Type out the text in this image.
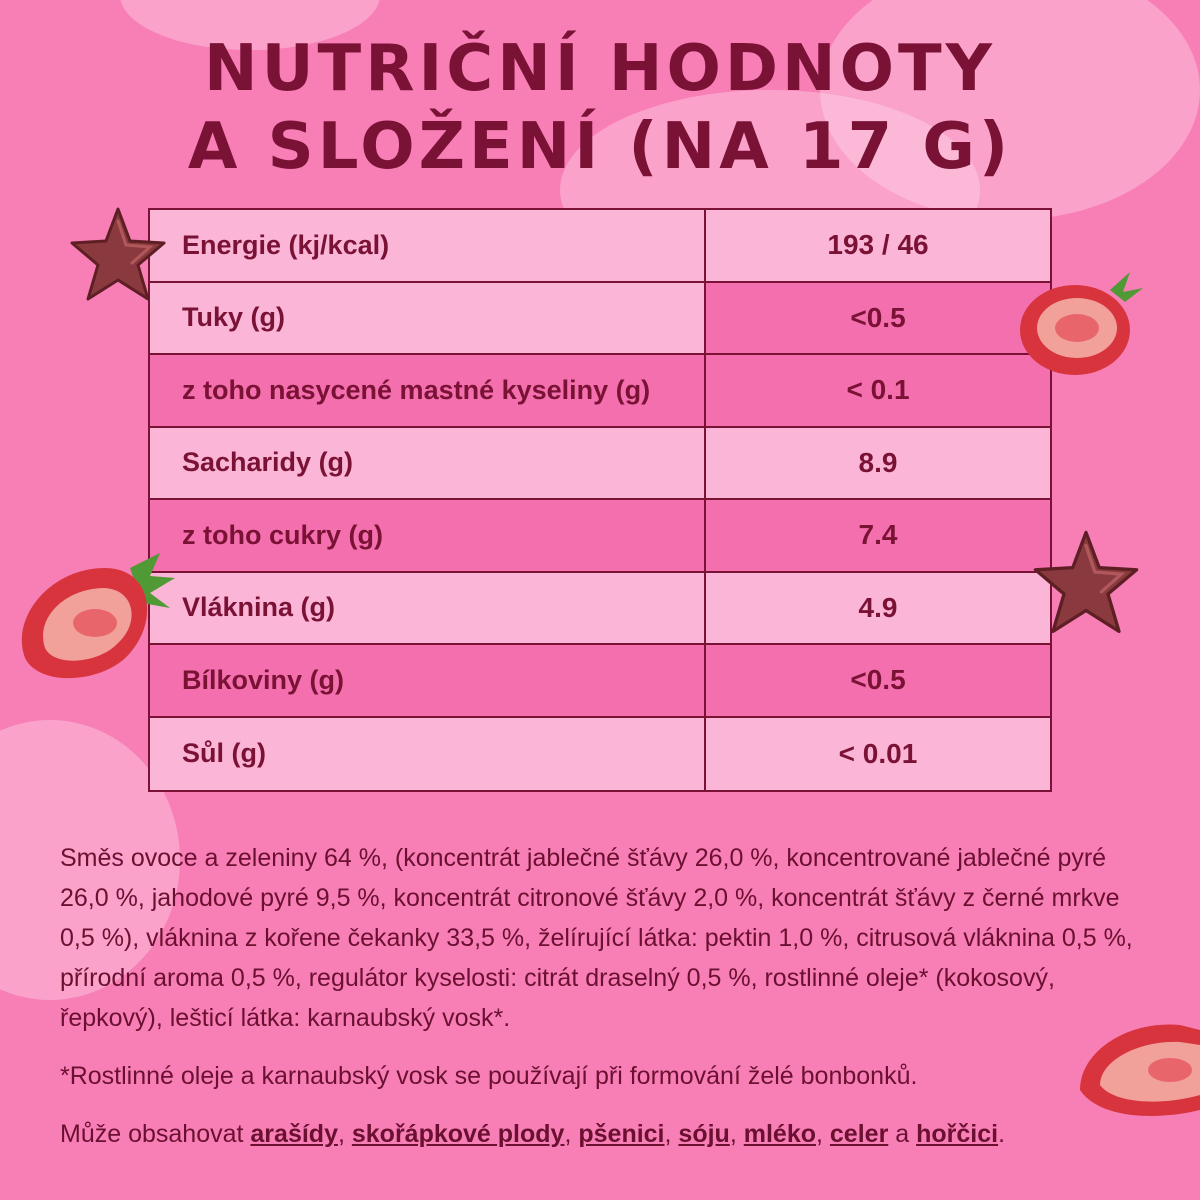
NUTRIČNÍ HODNOTY
A SLOŽENÍ (NA 17 G)
Energie (kj/kcal)	193 / 46
Tuky (g)	<0.5
z toho nasycené mastné kyseliny (g)	< 0.1
Sacharidy (g)	8.9
z toho cukry (g)	7.4
Vláknina (g)	4.9
Bílkoviny (g)	<0.5
Sůl (g)	< 0.01

Směs ovoce a zeleniny 64 %, (koncentrát jablečné šťávy 26,0 %, koncentrované jablečné pyré 26,0 %, jahodové pyré 9,5 %, koncentrát citronové šťávy 2,0 %, koncentrát šťávy z černé mrkve 0,5 %), vláknina z kořene čekanky 33,5 %, želírující látka: pektin 1,0 %, citrusová vláknina 0,5 %, přírodní aroma 0,5 %, regulátor kyselosti: citrát draselný 0,5 %, rostlinné oleje* (kokosový, řepkový), lešticí látka: karnaubský vosk*.

*Rostlinné oleje a karnaubský vosk se používají při formování želé bonbonků.

Může obsahovat arašídy, skořápkové plody, pšenici, sóju, mléko, celer a hořčici.
